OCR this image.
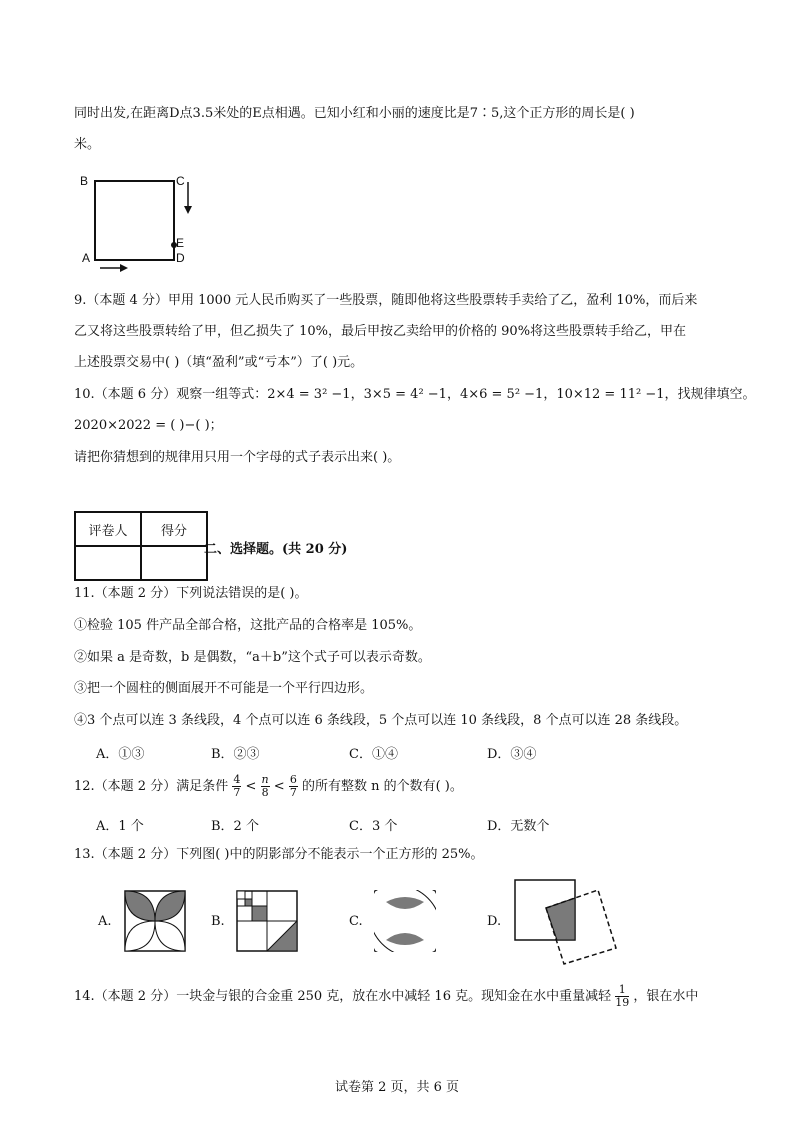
同时出发,在距离D点3.5米处的E点相遇。已知小红和小丽的速度比是7∶5,这个正方形的周长是( )
米。
B	C
E
A	D
9.（本题 4 分）甲用 1000 元人民币购买了一些股票，随即他将这些股票转手卖给了乙，盈利 10%，而后来
乙又将这些股票转给了甲，但乙损失了 10%，最后甲按乙卖给甲的价格的 90%将这些股票转手给乙，甲在
上述股票交易中( )（填“盈利”或“亏本”）了( )元。
10.（本题 6 分）观察一组等式：2×4 = 3² −1，3×5 = 4² −1，4×6 = 5² −1，10×12 = 11² −1，找规律填空。
2020×2022 = ( )−( )；
请把你猜想到的规律用只用一个字母的式子表示出来( )。
评卷人	得分

二、选择题。(共 20 分)
11.（本题 2 分）下列说法错误的是( )。
①检验 105 件产品全部合格，这批产品的合格率是 105%。
②如果 a 是奇数，b 是偶数，“a＋b”这个式子可以表示奇数。
③把一个圆柱的侧面展开不可能是一个平行四边形。
④3 个点可以连 3 条线段，4 个点可以连 6 条线段，5 个点可以连 10 条线段，8 个点可以连 28 条线段。
A．①③	B．②③	C．①④	D．③④
12.（本题 2 分）满足条件 $\frac{4}{7} < \frac{n}{8} < \frac{6}{7}$ 的所有整数 n 的个数有( )。
A．1 个	B．2 个	C．3 个	D．无数个
13.（本题 2 分）下列图( )中的阴影部分不能表示一个正方形的 25%。
A.	B.	C.	D.
14.（本题 2 分）一块金与银的合金重 250 克，放在水中减轻 16 克。现知金在水中重量减轻 $\frac{1}{19}$ ，银在水中
试卷第 2 页，共 6 页
